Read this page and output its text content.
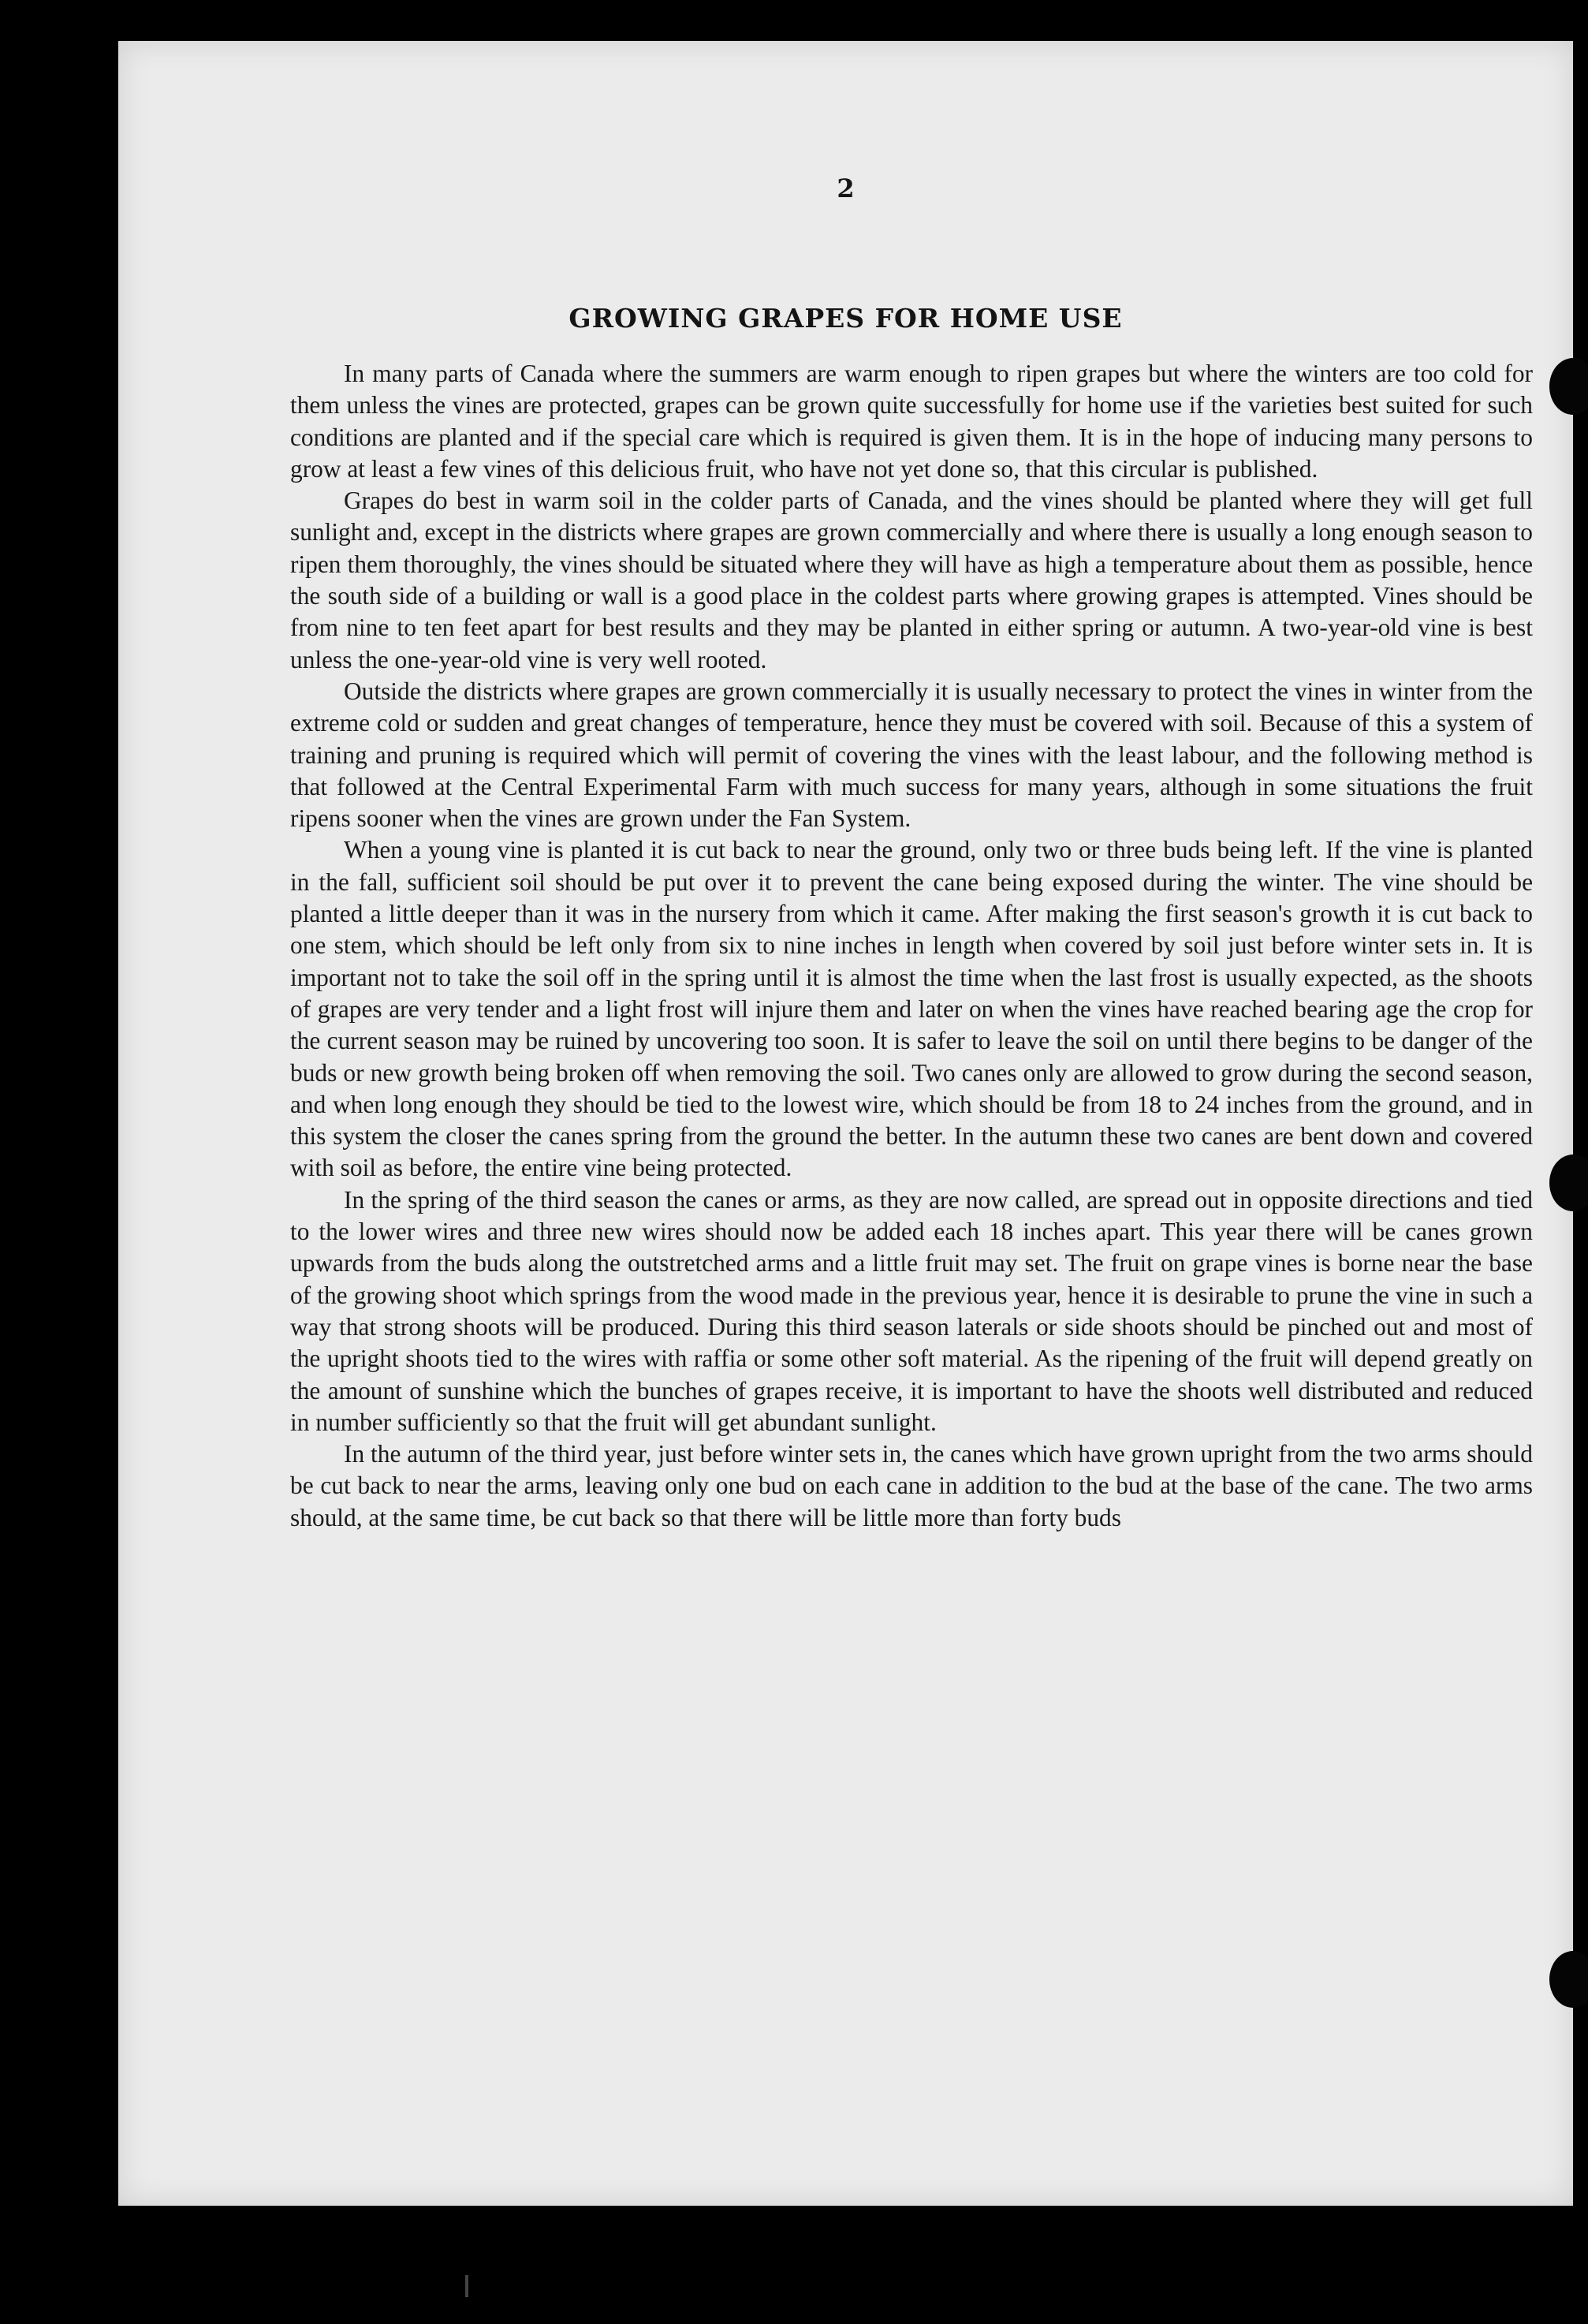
2
GROWING GRAPES FOR HOME USE

In many parts of Canada where the summers are warm enough to ripen grapes but where the winters are too cold for them unless the vines are protected, grapes can be grown quite successfully for home use if the varieties best suited for such conditions are planted and if the special care which is required is given them. It is in the hope of inducing many persons to grow at least a few vines of this delicious fruit, who have not yet done so, that this circular is published.

Grapes do best in warm soil in the colder parts of Canada, and the vines should be planted where they will get full sunlight and, except in the districts where grapes are grown commercially and where there is usually a long enough season to ripen them thoroughly, the vines should be situated where they will have as high a temperature about them as possible, hence the south side of a building or wall is a good place in the coldest parts where growing grapes is attempted. Vines should be from nine to ten feet apart for best results and they may be planted in either spring or autumn. A two-year-old vine is best unless the one-year-old vine is very well rooted.

Outside the districts where grapes are grown commercially it is usually necessary to protect the vines in winter from the extreme cold or sudden and great changes of temperature, hence they must be covered with soil. Because of this a system of training and pruning is required which will permit of covering the vines with the least labour, and the following method is that followed at the Central Experimental Farm with much success for many years, although in some situations the fruit ripens sooner when the vines are grown under the Fan System.

When a young vine is planted it is cut back to near the ground, only two or three buds being left. If the vine is planted in the fall, sufficient soil should be put over it to prevent the cane being exposed during the winter. The vine should be planted a little deeper than it was in the nursery from which it came. After making the first season's growth it is cut back to one stem, which should be left only from six to nine inches in length when covered by soil just before winter sets in. It is important not to take the soil off in the spring until it is almost the time when the last frost is usually expected, as the shoots of grapes are very tender and a light frost will injure them and later on when the vines have reached bearing age the crop for the current season may be ruined by uncovering too soon. It is safer to leave the soil on until there begins to be danger of the buds or new growth being broken off when removing the soil. Two canes only are allowed to grow during the second season, and when long enough they should be tied to the lowest wire, which should be from 18 to 24 inches from the ground, and in this system the closer the canes spring from the ground the better. In the autumn these two canes are bent down and covered with soil as before, the entire vine being protected.

In the spring of the third season the canes or arms, as they are now called, are spread out in opposite directions and tied to the lower wires and three new wires should now be added each 18 inches apart. This year there will be canes grown upwards from the buds along the outstretched arms and a little fruit may set. The fruit on grape vines is borne near the base of the growing shoot which springs from the wood made in the previous year, hence it is desirable to prune the vine in such a way that strong shoots will be produced. During this third season laterals or side shoots should be pinched out and most of the upright shoots tied to the wires with raffia or some other soft material. As the ripening of the fruit will depend greatly on the amount of sunshine which the bunches of grapes receive, it is important to have the shoots well distributed and reduced in number sufficiently so that the fruit will get abundant sunlight.

In the autumn of the third year, just before winter sets in, the canes which have grown upright from the two arms should be cut back to near the arms, leaving only one bud on each cane in addition to the bud at the base of the cane. The two arms should, at the same time, be cut back so that there will be little more than forty buds
